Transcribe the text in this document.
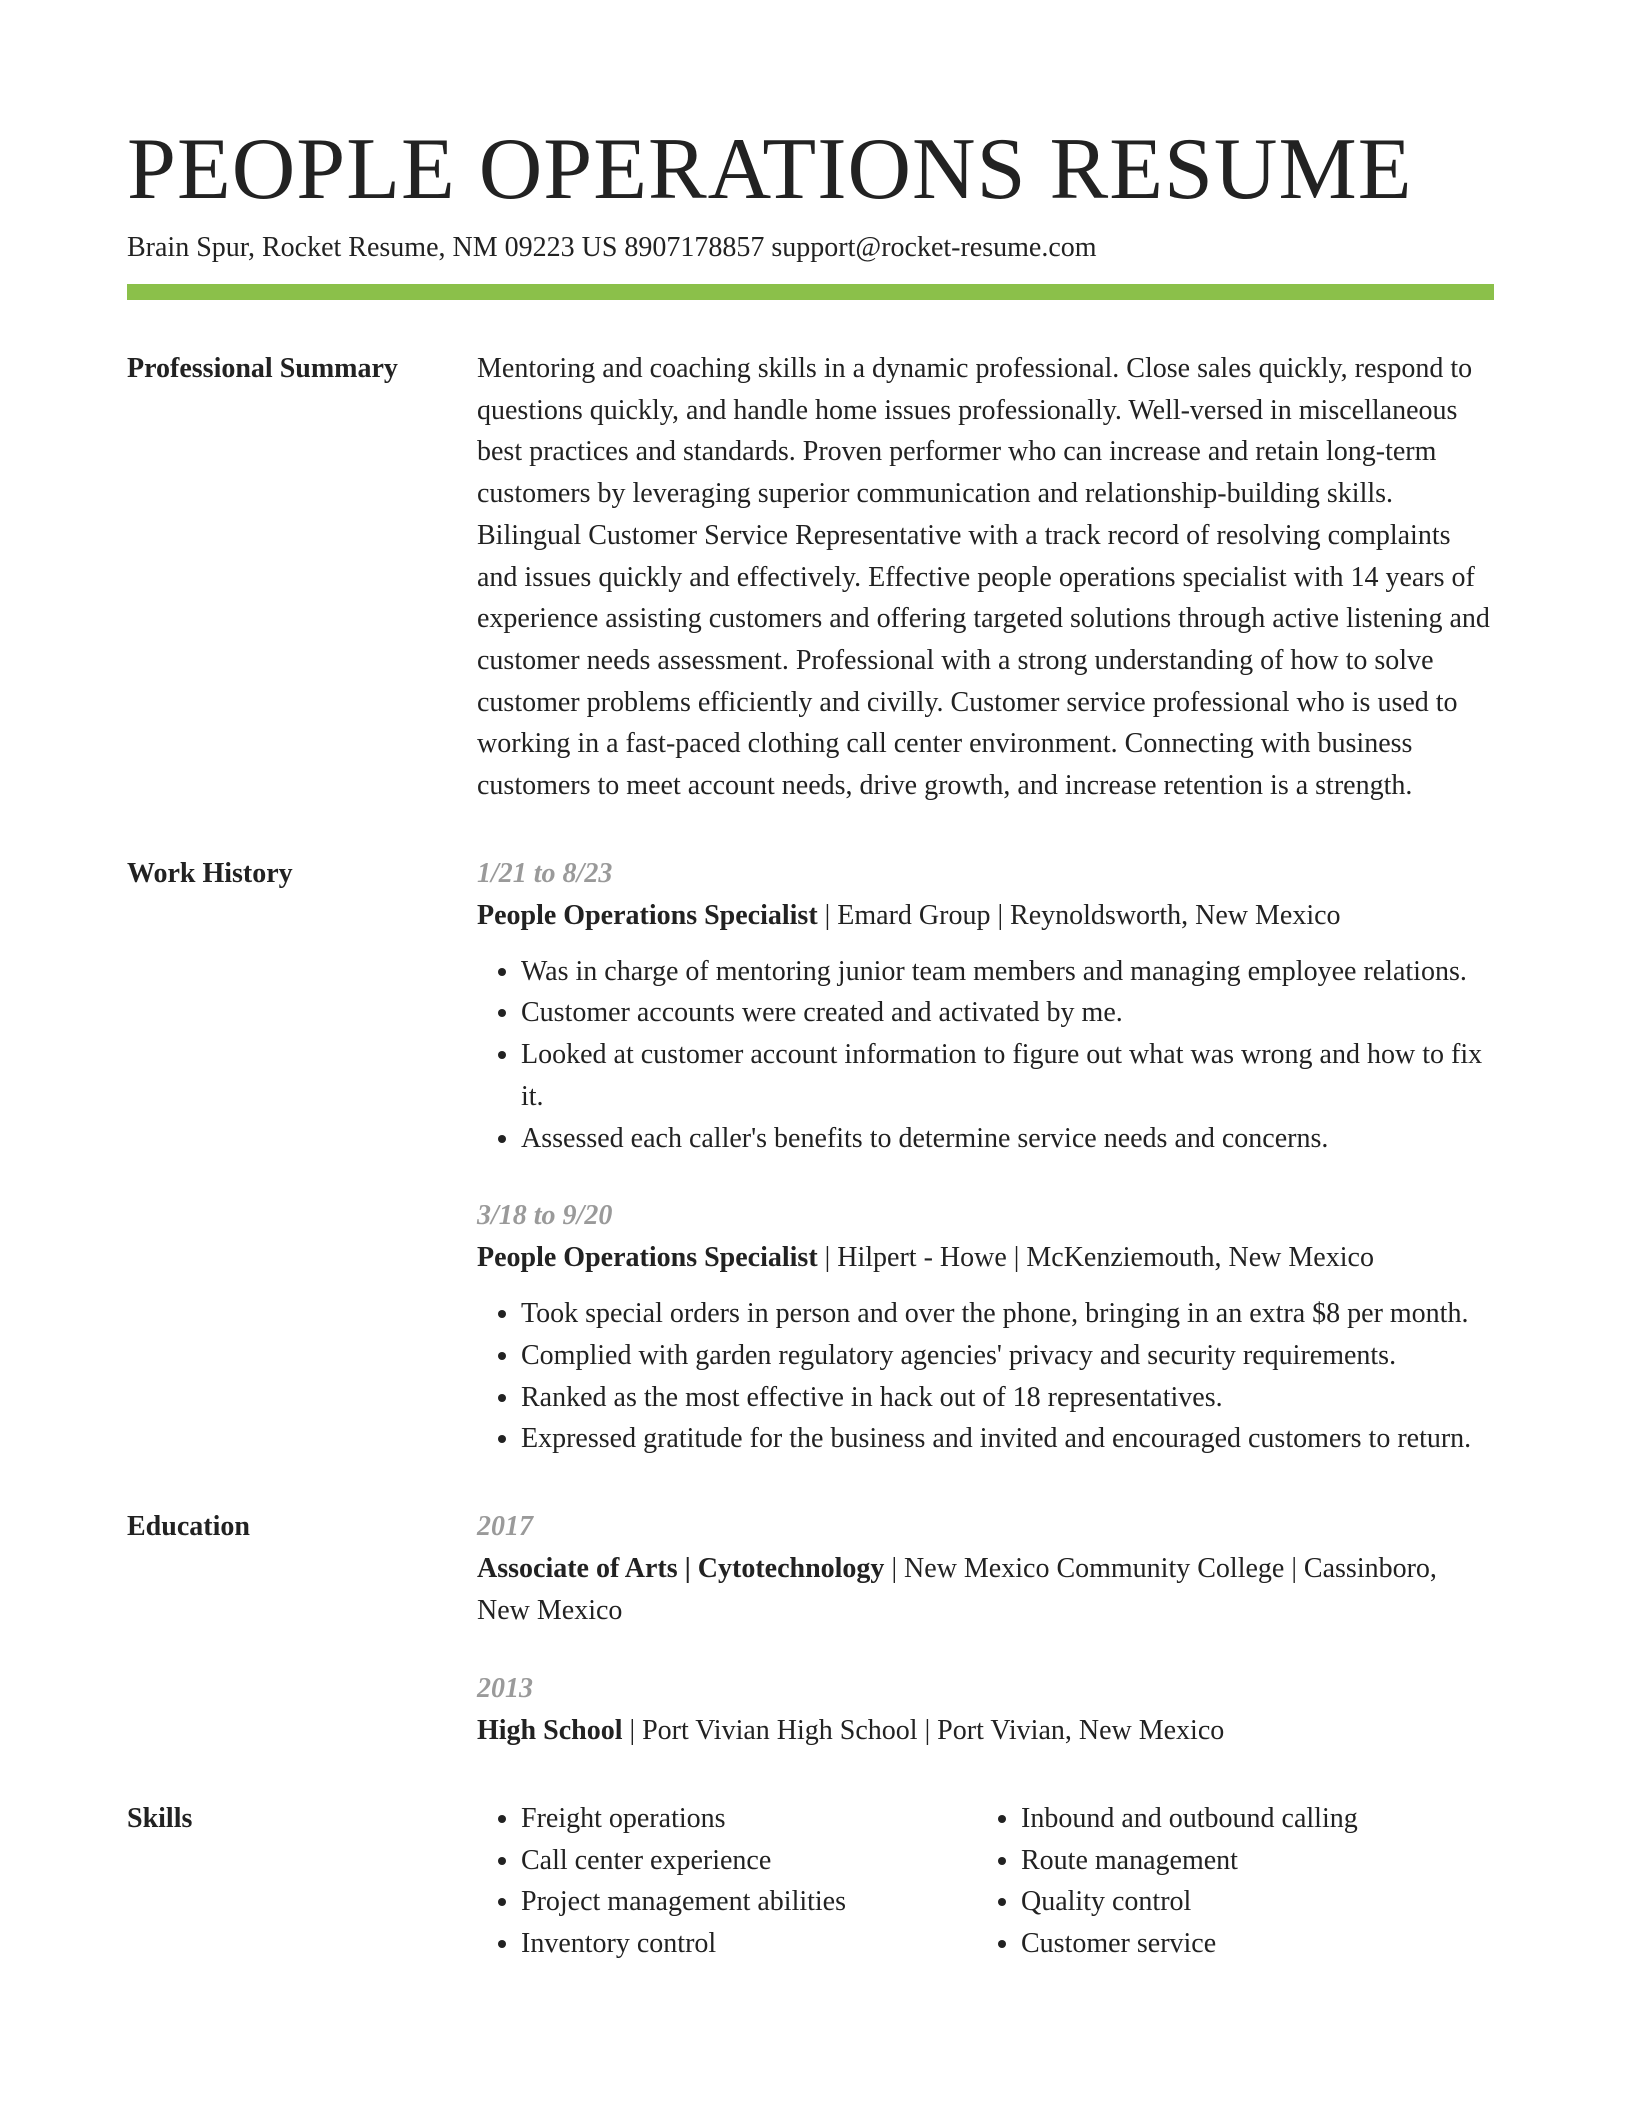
PEOPLE OPERATIONS RESUME
Brain Spur, Rocket Resume, NM 09223 US 8907178857 support@rocket-resume.com
Professional Summary	Mentoring and coaching skills in a dynamic professional. Close sales quickly, respond to questions quickly, and handle home issues professionally. Well-versed in miscellaneous best practices and standards. Proven performer who can increase and retain long-term customers by leveraging superior communication and relationship-building skills. Bilingual Customer Service Representative with a track record of resolving complaints and issues quickly and effectively. Effective people operations specialist with 14 years of experience assisting customers and offering targeted solutions through active listening and customer needs assessment. Professional with a strong understanding of how to solve customer problems efficiently and civilly. Customer service professional who is used to working in a fast-paced clothing call center environment. Connecting with business customers to meet account needs, drive growth, and increase retention is a strength.

Work History	1/21 to 8/23
People Operations Specialist | Emard Group | Reynoldsworth, New Mexico
• Was in charge of mentoring junior team members and managing employee relations.
• Customer accounts were created and activated by me.
• Looked at customer account information to figure out what was wrong and how to fix it.
• Assessed each caller's benefits to determine service needs and concerns.
3/18 to 9/20
People Operations Specialist | Hilpert - Howe | McKenziemouth, New Mexico
• Took special orders in person and over the phone, bringing in an extra $8 per month.
• Complied with garden regulatory agencies' privacy and security requirements.
• Ranked as the most effective in hack out of 18 representatives.
• Expressed gratitude for the business and invited and encouraged customers to return.
Education	2017
Associate of Arts | Cytotechnology | New Mexico Community College | Cassinboro, New Mexico
2013
High School | Port Vivian High School | Port Vivian, New Mexico
Skills
•	Freight operations
• Call center experience
• Project management abilities
• Inventory control
• Inbound and outbound calling
• Route management
• Quality control
• Customer service
